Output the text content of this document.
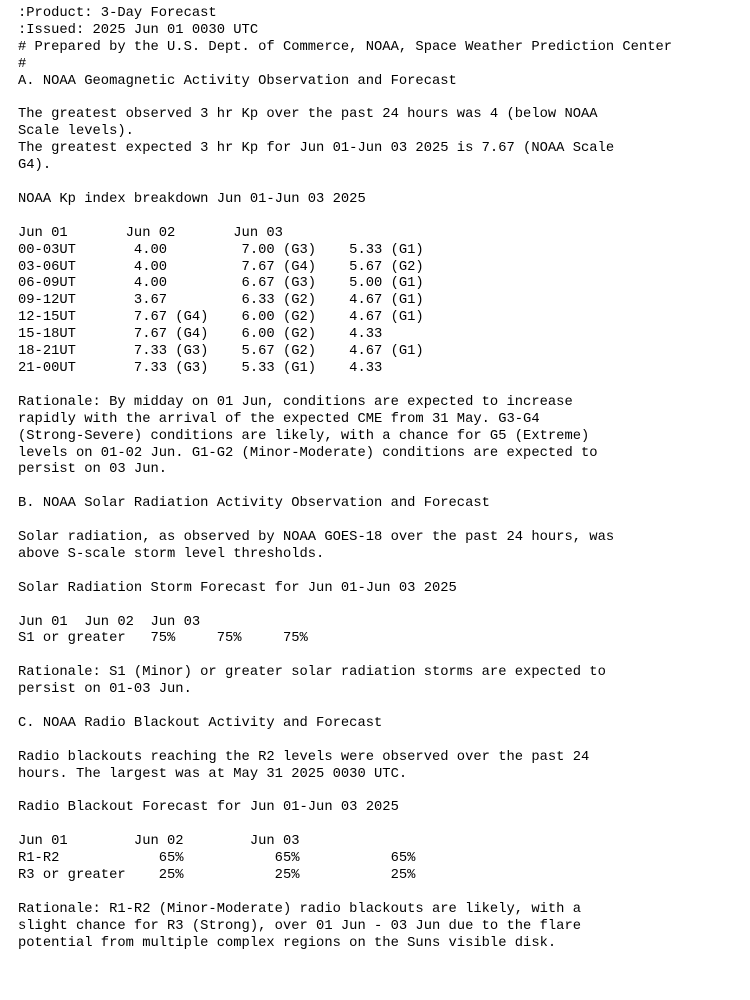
:Product: 3-Day Forecast
:Issued: 2025 Jun 01 0030 UTC
# Prepared by the U.S. Dept. of Commerce, NOAA, Space Weather Prediction Center
#
A. NOAA Geomagnetic Activity Observation and Forecast
The greatest observed 3 hr Kp over the past 24 hours was 4 (below NOAA
Scale levels).
The greatest expected 3 hr Kp for Jun 01-Jun 03 2025 is 7.67 (NOAA Scale
G4).
NOAA Kp index breakdown Jun 01-Jun 03 2025
Jun 01       Jun 02       Jun 03
00-03UT       4.00         7.00 (G3)    5.33 (G1)
03-06UT       4.00         7.67 (G4)    5.67 (G2)
06-09UT       4.00         6.67 (G3)    5.00 (G1)
09-12UT       3.67         6.33 (G2)    4.67 (G1)
12-15UT       7.67 (G4)    6.00 (G2)    4.67 (G1)
15-18UT       7.67 (G4)    6.00 (G2)    4.33
18-21UT       7.33 (G3)    5.67 (G2)    4.67 (G1)
21-00UT       7.33 (G3)    5.33 (G1)    4.33
Rationale: By midday on 01 Jun, conditions are expected to increase
rapidly with the arrival of the expected CME from 31 May. G3-G4
(Strong-Severe) conditions are likely, with a chance for G5 (Extreme)
levels on 01-02 Jun. G1-G2 (Minor-Moderate) conditions are expected to
persist on 03 Jun.
B. NOAA Solar Radiation Activity Observation and Forecast
Solar radiation, as observed by NOAA GOES-18 over the past 24 hours, was
above S-scale storm level thresholds.
Solar Radiation Storm Forecast for Jun 01-Jun 03 2025
Jun 01  Jun 02  Jun 03
S1 or greater   75%     75%     75%
Rationale: S1 (Minor) or greater solar radiation storms are expected to
persist on 01-03 Jun.
C. NOAA Radio Blackout Activity and Forecast
Radio blackouts reaching the R2 levels were observed over the past 24
hours. The largest was at May 31 2025 0030 UTC.
Radio Blackout Forecast for Jun 01-Jun 03 2025
Jun 01        Jun 02        Jun 03
R1-R2            65%           65%           65%
R3 or greater    25%           25%           25%
Rationale: R1-R2 (Minor-Moderate) radio blackouts are likely, with a
slight chance for R3 (Strong), over 01 Jun - 03 Jun due to the flare
potential from multiple complex regions on the Suns visible disk.
